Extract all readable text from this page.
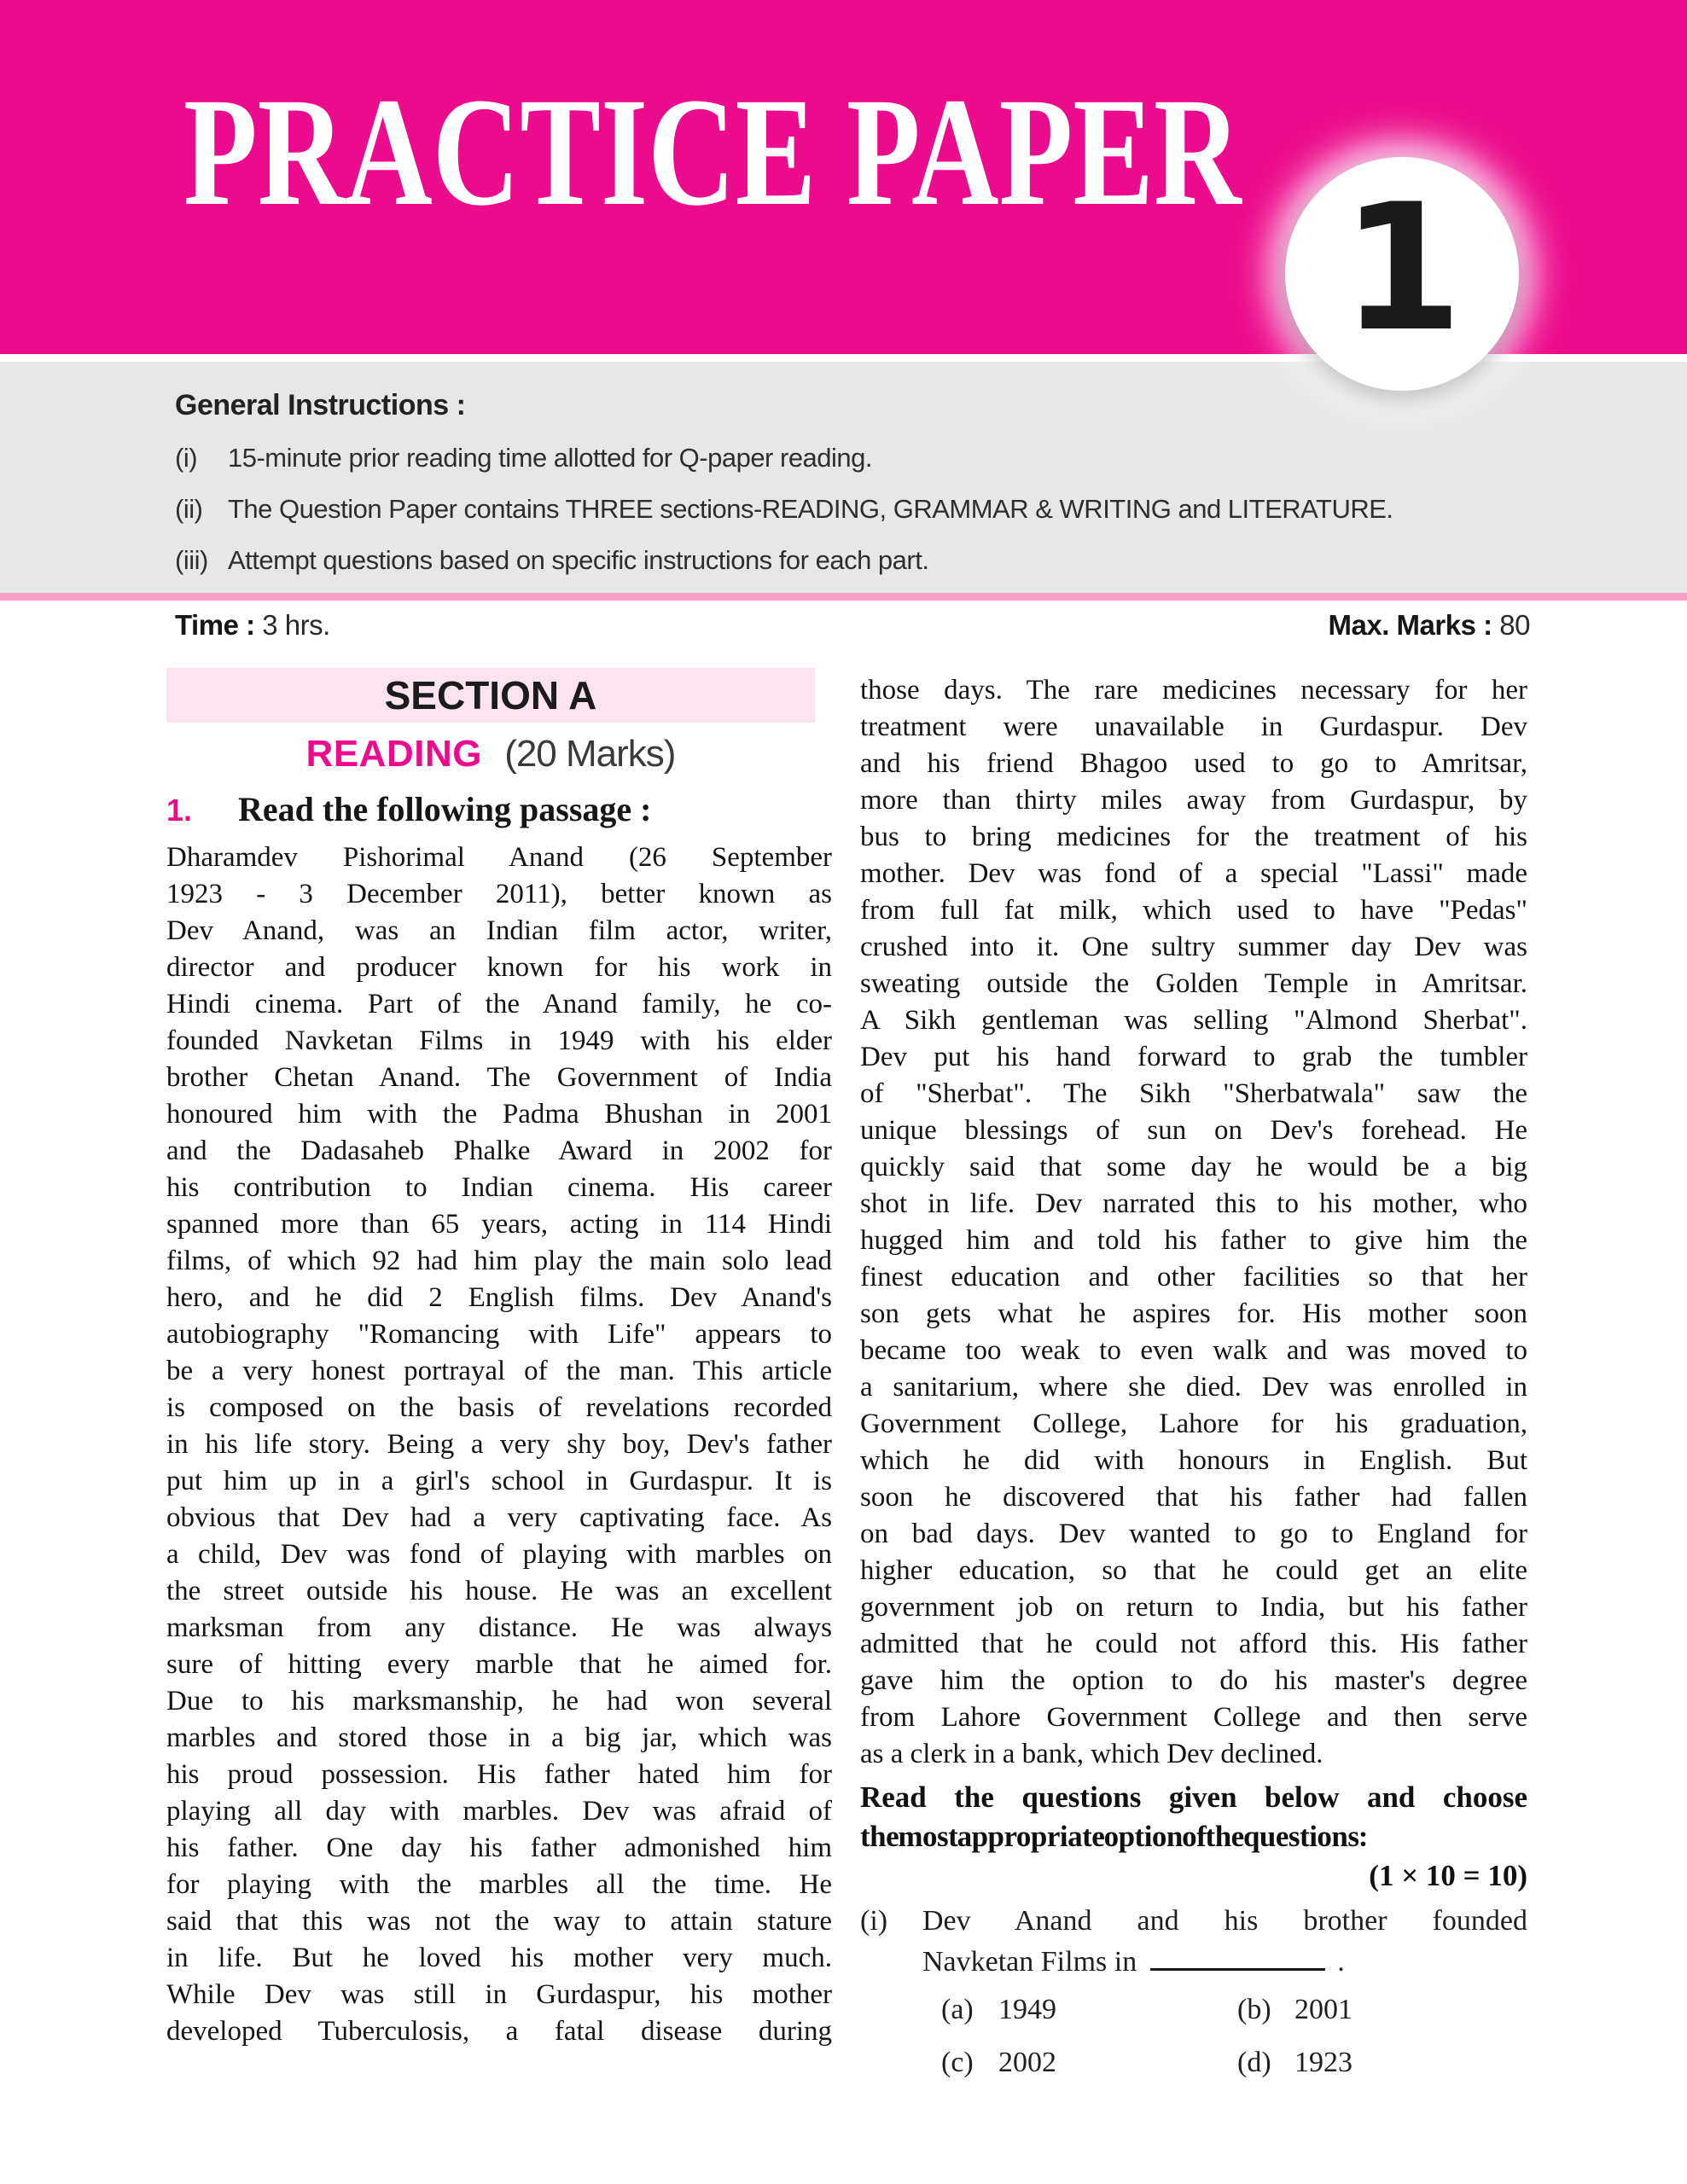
PRACTICE PAPER
1
General Instructions :
(i)	15-minute prior reading time allotted for Q-paper reading.
(ii) The Question Paper contains THREE sections-READING, GRAMMAR & WRITING and LITERATURE.
(iii) Attempt questions based on specific instructions for each part.
Time : 3 hrs.	Max. Marks : 80
SECTION A
READING (20 Marks)
1.	Read the following passage :
Dharamdev Pishorimal Anand (26 September
1923 - 3 December 2011), better known as
Dev Anand, was an Indian film actor, writer,
director and producer known for his work in
Hindi cinema. Part of the Anand family, he co-
founded Navketan Films in 1949 with his elder
brother Chetan Anand. The Government of India
honoured him with the Padma Bhushan in 2001
and the Dadasaheb Phalke Award in 2002 for
his contribution to Indian cinema. His career
spanned more than 65 years, acting in 114 Hindi
films, of which 92 had him play the main solo lead
hero, and he did 2 English films. Dev Anand's
autobiography "Romancing with Life" appears to
be a very honest portrayal of the man. This article
is composed on the basis of revelations recorded
in his life story. Being a very shy boy, Dev's father
put him up in a girl's school in Gurdaspur. It is
obvious that Dev had a very captivating face. As
a child, Dev was fond of playing with marbles on
the street outside his house. He was an excellent
marksman from any distance. He was always
sure of hitting every marble that he aimed for.
Due to his marksmanship, he had won several
marbles and stored those in a big jar, which was
his proud possession. His father hated him for
playing all day with marbles. Dev was afraid of
his father. One day his father admonished him
for playing with the marbles all the time. He
said that this was not the way to attain stature
in life. But he loved his mother very much.
While Dev was still in Gurdaspur, his mother
developed Tuberculosis, a fatal disease during
those days. The rare medicines necessary for her
treatment were unavailable in Gurdaspur. Dev
and his friend Bhagoo used to go to Amritsar,
more than thirty miles away from Gurdaspur, by
bus to bring medicines for the treatment of his
mother. Dev was fond of a special "Lassi" made
from full fat milk, which used to have "Pedas"
crushed into it. One sultry summer day Dev was
sweating outside the Golden Temple in Amritsar.
A Sikh gentleman was selling "Almond Sherbat".
Dev put his hand forward to grab the tumbler
of "Sherbat". The Sikh "Sherbatwala" saw the
unique blessings of sun on Dev's forehead. He
quickly said that some day he would be a big
shot in life. Dev narrated this to his mother, who
hugged him and told his father to give him the
finest education and other facilities so that her
son gets what he aspires for. His mother soon
became too weak to even walk and was moved to
a sanitarium, where she died. Dev was enrolled in
Government College, Lahore for his graduation,
which he did with honours in English. But
soon he discovered that his father had fallen
on bad days. Dev wanted to go to England for
higher education, so that he could get an elite
government job on return to India, but his father
admitted that he could not afford this. His father
gave him the option to do his master's degree
from Lahore Government College and then serve
as a clerk in a bank, which Dev declined.
Read the questions given below and choose
the most appropriate option of the questions :
(1 × 10 = 10)
(i)	Dev Anand and his brother founded
Navketan Films in	.
(a) 1949	(b) 2001
(c) 2002	(d) 1923
